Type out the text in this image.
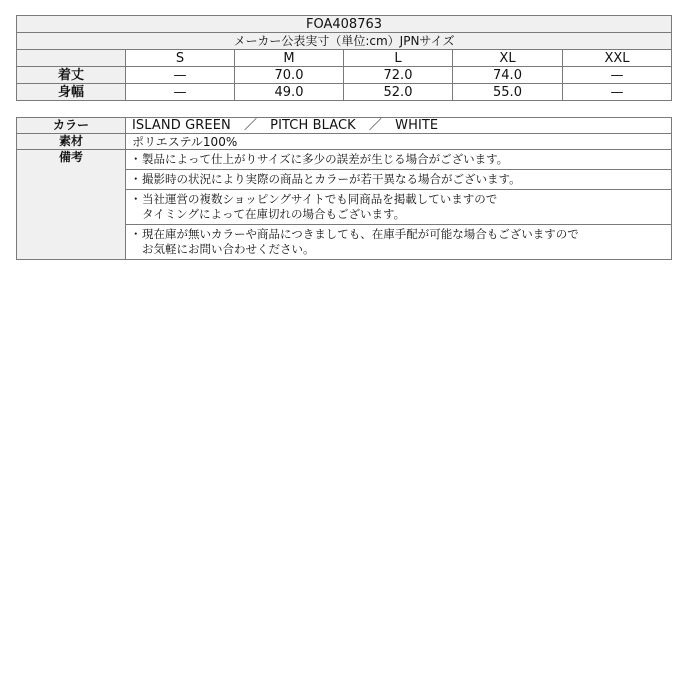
FOA408763					
メーカー公表実寸（単位:cm）JPNサイズ					
	S	M	L	XL	XXL
着丈	—	70.0	72.0	74.0	—
身幅	—	49.0	52.0	55.0	—
カラー	ISLAND GREEN　／　PITCH BLACK　／　WHITE
素材	ポリエステル100%
備考	・製品によって仕上がりサイズに多少の誤差が生じる場合がございます。

	・撮影時の状況により実際の商品とカラーが若干異なる場合がございます。

	・当社運営の複数ショッピングサイトでも同商品を掲載していますので
タイミングによって在庫切れの場合もございます。

	・現在庫が無いカラーや商品につきましても、在庫手配が可能な場合もございますので
お気軽にお問い合わせください。
